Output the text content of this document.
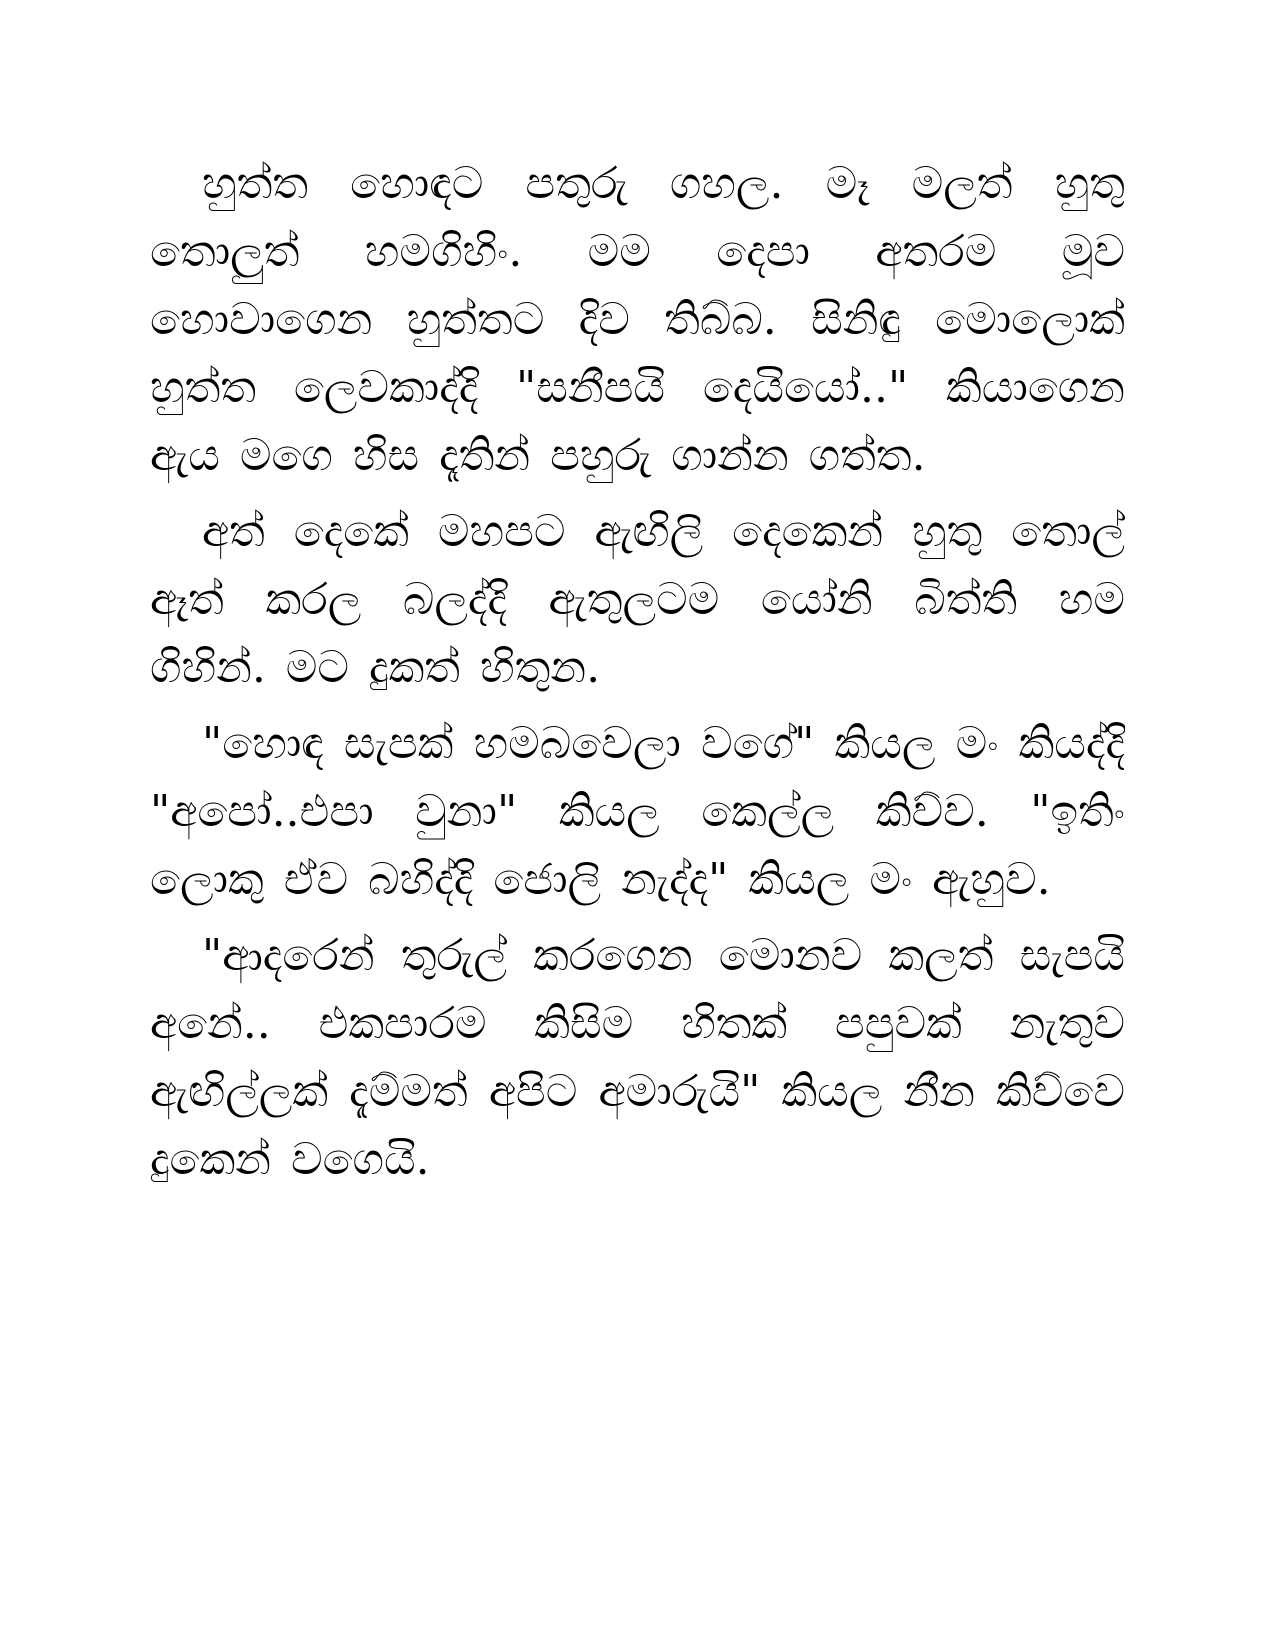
හුත්ත හොඳට පතුරු ගහල. මෑ මලත් හුතු තොලුත් හමගිහිං. මම දෙපා අතරම මූව හොවාගෙන හුත්තට දිව තිබ්බ. සිනිඳු මොලොක් හුත්ත ලෙවකාද්දි "සනීපයි දෙයියෝ.." කියාගෙන ඇය මගෙ හිස දෑතින් පහුරු ගාන්න ගත්ත.

අත් දෙකේ මහපට ඇඟිලි දෙකෙන් හුතු තොල් ඈත් කරල බලද්දි ඇතුලටම යෝනි බිත්ති හම ගිහින්. මට දුකත් හිතුන.

"හොඳ සැපක් හමබවෙලා වගේ" කියල මං කියද්දි "අපෝ..එපා වුනා" කියල කෙල්ල කිව්ව. "ඉතිං ලොකු ඒව බහිද්දි ජොලි නැද්ද" කියල මං ඇහුව.

"ආදරෙන් තුරුල් කරගෙන මොනව කලත් සැපයි අනේ.. එකපාරම කිසිම හිතක් පපුවක් නැතුව ඇඟිල්ලක් දැම්මත් අපිට අමාරුයි" කියල නීන කිව්වෙ දුකෙන් වගෙයි.
